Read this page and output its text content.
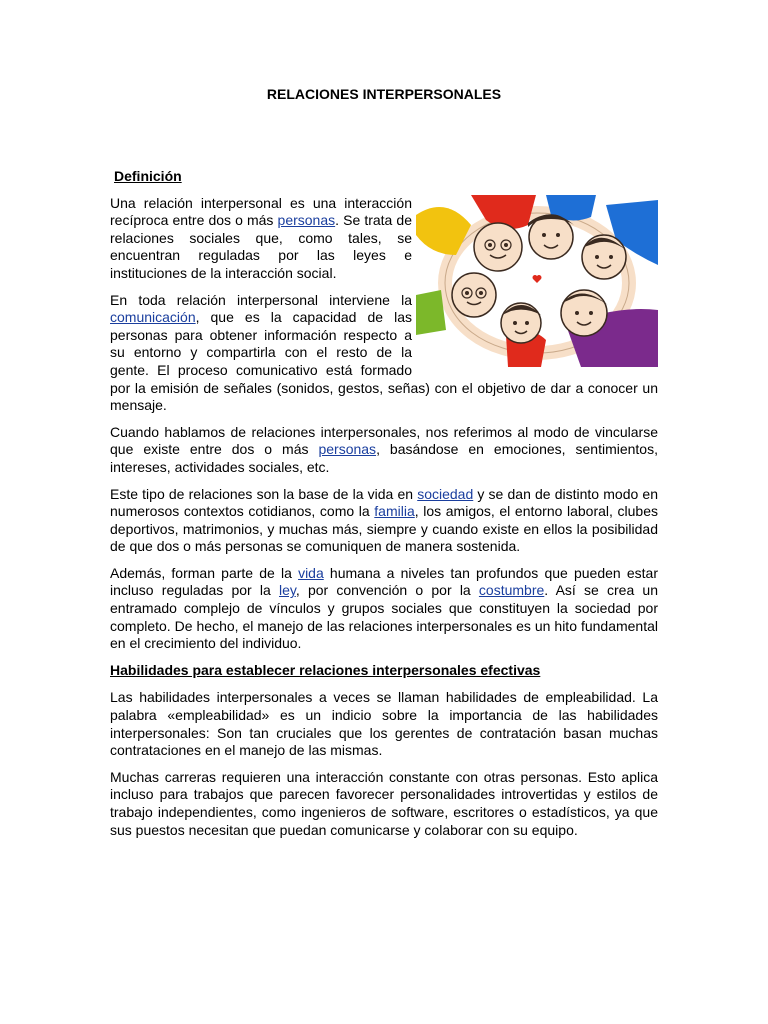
RELACIONES INTERPERSONALES
Definición

Una relación interpersonal es una interacción recíproca entre dos o más personas. Se trata de relaciones sociales que, como tales, se encuentran reguladas por las leyes e instituciones de la interacción social.

En toda relación interpersonal interviene la comunicación, que es la capacidad de las personas para obtener información respecto a su entorno y compartirla con el resto de la gente. El proceso comunicativo está formado por la emisión de señales (sonidos, gestos, señas) con el objetivo de dar a conocer un mensaje.

Cuando hablamos de relaciones interpersonales, nos referimos al modo de vincularse que existe entre dos o más personas, basándose en emociones, sentimientos, intereses, actividades sociales, etc.

Este tipo de relaciones son la base de la vida en sociedad y se dan de distinto modo en numerosos contextos cotidianos, como la familia, los amigos, el entorno laboral, clubes deportivos, matrimonios, y muchas más, siempre y cuando existe en ellos la posibilidad de que dos o más personas se comuniquen de manera sostenida.

Además, forman parte de la vida humana a niveles tan profundos que pueden estar incluso reguladas por la ley, por convención o por la costumbre. Así se crea un entramado complejo de vínculos y grupos sociales que constituyen la sociedad por completo. De hecho, el manejo de las relaciones interpersonales es un hito fundamental en el crecimiento del individuo.

Habilidades para establecer relaciones interpersonales efectivas

Las habilidades interpersonales a veces se llaman habilidades de empleabilidad. La palabra «empleabilidad» es un indicio sobre la importancia de las habilidades interpersonales: Son tan cruciales que los gerentes de contratación basan muchas contrataciones en el manejo de las mismas.

Muchas carreras requieren una interacción constante con otras personas. Esto aplica incluso para trabajos que parecen favorecer personalidades introvertidas y estilos de trabajo independientes, como ingenieros de software, escritores o estadísticos, ya que sus puestos necesitan que puedan comunicarse y colaborar con su equipo.
